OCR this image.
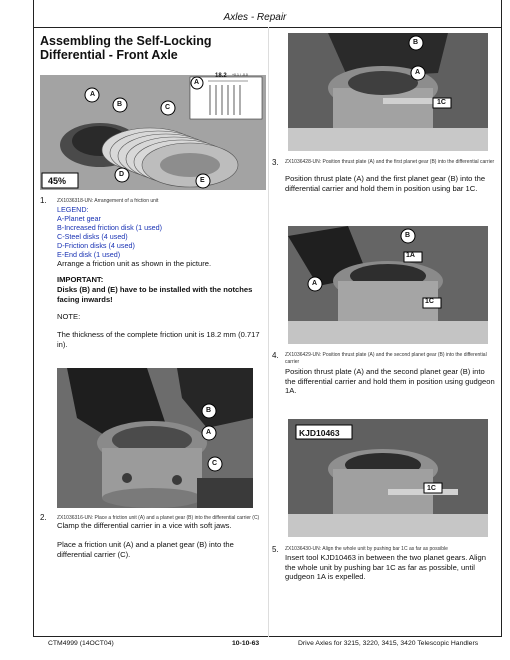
Axles - Repair
Assembling the Self-Locking Differential - Front Axle
A
B	C
D
E
A
45%
18.2 +0.1 / -0.0
1. ZX1036318-UN: Arrangement of a friction unit
LEGEND:
A-Planet gear
B-Increased friction disk (1 used)
C-Steel disks (4 used)
D-Friction disks (4 used)
E-End disk (1 used)
Arrange a friction unit as shown in the picture.
IMPORTANT:
Disks (B) and (E) have to be installed with the notches facing inwards!
NOTE:
The thickness of the complete friction unit is 18.2 mm (0.717 in).
B
A
C
2. ZX1036316-UN: Place a friction unit (A) and a planet gear (B) into the differential carrier (C)
Clamp the differential carrier in a vice with soft jaws.
Place a friction unit (A) and a planet gear (B) into the differential carrier (C).
B
A
1C
3. ZX1036428-UN: Position thrust plate (A) and the first planet gear (B) into the differential carrier
Position thrust plate (A) and the first planet gear (B) into the differential carrier and hold them in position using bar 1C.
B
1A
A
1C
4. ZX1036429-UN: Position thrust plate (A) and the second planet gear (B) into the differential carrier
Position thrust plate (A) and the second planet gear (B) into the differential carrier and hold them in position using gudgeon 1A.
KJD10463
1C
5. ZX1036430-UN: Align the whole unit by pushing bar 1C as far as possible
Insert tool KJD10463 in between the two planet gears. Align the whole unit by pushing bar 1C as far as possible, until gudgeon 1A is expelled.
CTM4999 (14OCT04)	10-10-63	Drive Axles for 3215, 3220, 3415, 3420 Telescopic Handlers
